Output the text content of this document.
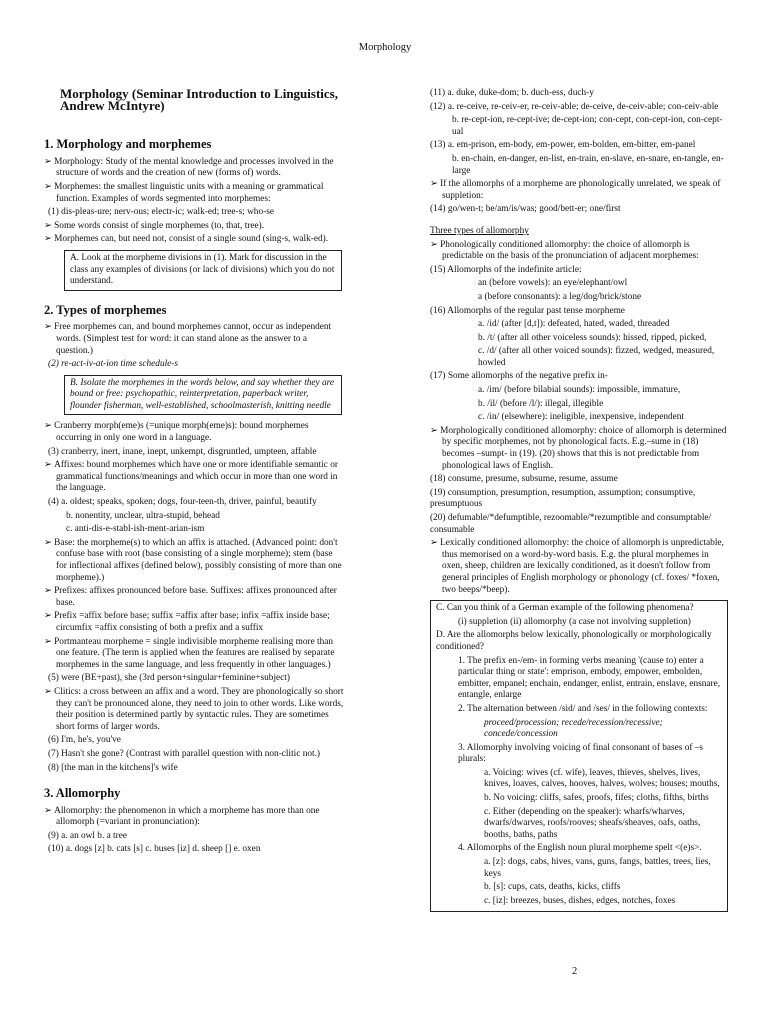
Morphology
Morphology (Seminar Introduction to Linguistics, Andrew McIntyre)
1. Morphology and morphemes

➢ Morphology: Study of the mental knowledge and processes involved in the structure of words and the creation of new (forms of) words.

➢ Morphemes: the smallest linguistic units with a meaning or grammatical function. Examples of words segmented into morphemes:

(1) dis-pleas-ure; nerv-ous; electr-ic; walk-ed; tree-s; who-se

➢ Some words consist of single morphemes (to, that, tree).

➢ Morphemes can, but need not, consist of a single sound (sing-s, walk-ed).

A. Look at the morpheme divisions in (1). Mark for discussion in the class any examples of divisions (or lack of divisions) which you do not understand.
2. Types of morphemes

➢ Free morphemes can, and bound morphemes cannot, occur as independent words. (Simplest test for word: it can stand alone as the answer to a question.)

(2) re-act-iv-at-ion time schedule-s

B. Isolate the morphemes in the words below, and say whether they are bound or free: psychopathic, reinterpretation, paperback writer, flounder fisherman, well-established, schoolmasterish, knitting needle

➢ Cranberry morph(eme)s (=unique morph(eme)s): bound morphemes occurring in only one word in a language.

(3) cranberry, inert, inane, inept, unkempt, disgruntled, umpteen, affable

➢ Affixes: bound morphemes which have one or more identifiable semantic or grammatical functions/meanings and which occur in more than one word in the language.

(4) a. oldest; speaks, spoken; dogs, four-teen-th, driver, painful, beautify

b. nonentity, unclear, ultra-stupid, behead

c. anti-dis-e-stabl-ish-ment-arian-ism

➢ Base: the morpheme(s) to which an affix is attached. (Advanced point: don't confuse base with root (base consisting of a single morpheme); stem (base for inflectional affixes (defined below), possibly consisting of more than one morpheme).)

➢ Prefixes: affixes pronounced before base. Suffixes: affixes pronounced after base.

➢ Prefix =affix before base; suffix =affix after base; infix =affix inside base; circumfix =affix consisting of both a prefix and a suffix

➢ Portmanteau morpheme = single indivisible morpheme realising more than one feature. (The term is applied when the features are realised by separate morphemes in the same language, and less frequently in other languages.)

(5) were (BE+past), she (3rd person+singular+feminine+subject)

➢ Clitics: a cross between an affix and a word. They are phonologically so short they can't be pronounced alone, they need to join to other words. Like words, their position is determined partly by syntactic rules. They are sometimes short forms of larger words.

(6) I'm, he's, you've

(7) Hasn't she gone? (Contrast with parallel question with non-clitic not.)

(8) [the man in the kitchens]'s wife

3. Allomorphy

➢ Allomorphy: the phenomenon in which a morpheme has more than one allomorph (=variant in pronunciation):

(9) a. an owl b. a tree

(10) a. dogs [z] b. cats [s] c. buses [iz] d. sheep [] e. oxen

(11) a. duke, duke-dom; b. duch-ess, duch-y

(12) a. re-ceive, re-ceiv-er, re-ceiv-able; de-ceive, de-ceiv-able; con-ceiv-able

b. re-cept-ion, re-cept-ive; de-cept-ion; con-cept, con-cept-ion, con-cept-ual

(13) a. em-prison, em-body, em-power, em-bolden, em-bitter, em-panel

b. en-chain, en-danger, en-list, en-train, en-slave, en-snare, en-tangle, en-large

➢ If the allomorphs of a morpheme are phonologically unrelated, we speak of suppletion:

(14) go/wen-t; be/am/is/was; good/bett-er; one/first

Three types of allomorphy

➢ Phonologically conditioned allomorphy: the choice of allomorph is predictable on the basis of the pronunciation of adjacent morphemes:

(15) Allomorphs of the indefinite article:

an (before vowels): an eye/elephant/owl

a (before consonants): a leg/dog/brick/stone

(16) Allomorphs of the regular past tense morpheme

a. /id/ (after [d,t]): defeated, hated, waded, threaded

b. /t/ (after all other voiceless sounds): hissed, ripped, picked,

c. /d/ (after all other voiced sounds): fizzed, wedged, measured, howled

(17) Some allomorphs of the negative prefix in-

a. /im/ (before bilabial sounds): impossible, immature,

b. /il/ (before /l/): illegal, illegible

c. /in/ (elsewhere): ineligible, inexpensive, independent

➢ Morphologically conditioned allomorphy: choice of allomorph is determined by specific morphemes, not by phonological facts. E.g.–sume in (18) becomes –sumpt- in (19). (20) shows that this is not predictable from phonological laws of English.

(18) consume, presume, subsume, resume, assume

(19) consumption, presumption, resumption, assumption; consumptive, presumptuous

(20) defumable/*defumptible, rezoomable/*rezumptible and consumptable/ consumable

➢ Lexically conditioned allomorphy: the choice of allomorph is unpredictable, thus memorised on a word-by-word basis. E.g. the plural morphemes in oxen, sheep, children are lexically conditioned, as it doesn't follow from general principles of English morphology or phonology (cf. foxes/ *foxen, two beeps/*beep).

C. Can you think of a German example of the following phenomena?

(i) suppletion (ii) allomorphy (a case not involving suppletion)

D. Are the allomorphs below lexically, phonologically or morphologically conditioned?

1. The prefix en-/em- in forming verbs meaning '(cause to) enter a particular thing or state': emprison, embody, empower, embolden, embitter, empanel; enchain, endanger, enlist, entrain, enslave, ensnare, entangle, enlarge

2. The alternation between /sid/ and /ses/ in the following contexts:

proceed/procession; recede/recession/recessive; concede/concession

3. Allomorphy involving voicing of final consonant of bases of –s plurals:

a. Voicing: wives (cf. wife), leaves, thieves, shelves, lives, knives, loaves, calves, hooves, halves, wolves; houses; mouths,

b. No voicing: cliffs, safes, proofs, fifes; cloths, fifths, births

c. Either (depending on the speaker): wharfs/wharves, dwarfs/dwarves, roofs/rooves; sheafs/sheaves, oafs, oaths, booths, baths, paths

4. Allomorphs of the English noun plural morpheme spelt <(e)s>.

a. [z]: dogs, cabs, hives, vans, guns, fangs, battles, trees, lies, keys

b. [s]: cups, cats, deaths, kicks, cliffs

c. [iz]: breezes, buses, dishes, edges, notches, foxes

2
